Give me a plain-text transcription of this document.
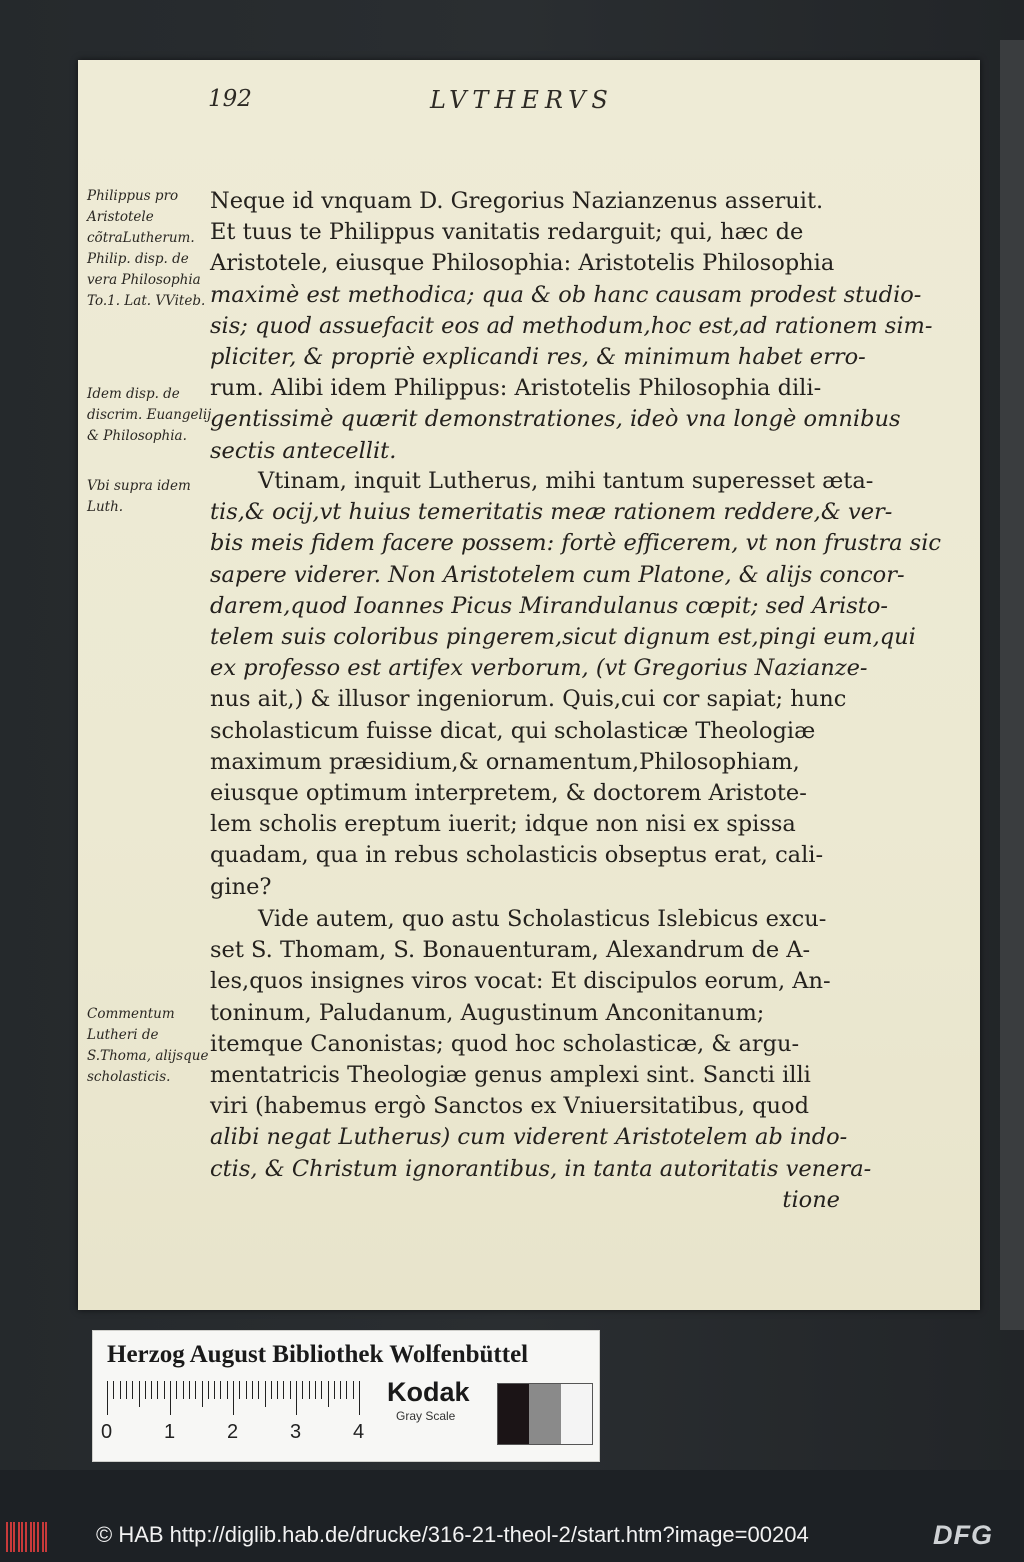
192	LVTHERVS
Philippus pro Aristotele cõtraLutherum. Philip. disp. de vera Philosophia To.1. Lat. VViteb.
Idem disp. de discrim. Euangelij, & Philosophia.
Vbi supra idem Luth.
Commentum Lutheri de S.Thoma, alijsque scholasticis.
Neque id vnquam D. Gregorius Nazianzenus asseruit.
Et tuus te Philippus vanitatis redarguit; qui, hæc de
Aristotele, eiusque Philosophia: Aristotelis Philosophia
maximè est methodica; qua & ob hanc causam prodest studio-
sis; quod assuefacit eos ad methodum,hoc est,ad rationem sim-
pliciter, & propriè explicandi res, & minimum habet erro-
rum. Alibi idem Philippus: Aristotelis Philosophia dili-
gentissimè quærit demonstrationes, ideò vna longè omnibus
sectis antecellit.
Vtinam, inquit Lutherus, mihi tantum superesset æta-
tis,& ocij,vt huius temeritatis meæ rationem reddere,& ver-
bis meis fidem facere possem: fortè efficerem, vt non frustra sic
sapere viderer. Non Aristotelem cum Platone, & alijs concor-
darem,quod Ioannes Picus Mirandulanus cœpit; sed Aristo-
telem suis coloribus pingerem,sicut dignum est,pingi eum,qui
ex professo est artifex verborum, (vt Gregorius Nazianze-
nus ait,) & illusor ingeniorum. Quis,cui cor sapiat; hunc
scholasticum fuisse dicat, qui scholasticæ Theologiæ
maximum præsidium,& ornamentum,Philosophiam,
eiusque optimum interpretem, & doctorem Aristote-
lem scholis ereptum iuerit; idque non nisi ex spissa
quadam, qua in rebus scholasticis obseptus erat, cali-
gine?
Vide autem, quo astu Scholasticus Islebicus excu-
set S. Thomam, S. Bonauenturam, Alexandrum de A-
les,quos insignes viros vocat: Et discipulos eorum, An-
toninum, Paludanum, Augustinum Anconitanum;
itemque Canonistas; quod hoc scholasticæ, & argu-
mentatricis Theologiæ genus amplexi sint. Sancti illi
viri (habemus ergò Sanctos ex Vniuersitatibus, quod
alibi negat Lutherus) cum viderent Aristotelem ab indo-
ctis, & Christum ignorantibus, in tanta autoritatis venera-
tione
Herzog August Bibliothek Wolfenbüttel
0	1	2	3	4
Kodak
Gray Scale
© HAB http://diglib.hab.de/drucke/316-21-theol-2/start.htm?image=00204	DFG
